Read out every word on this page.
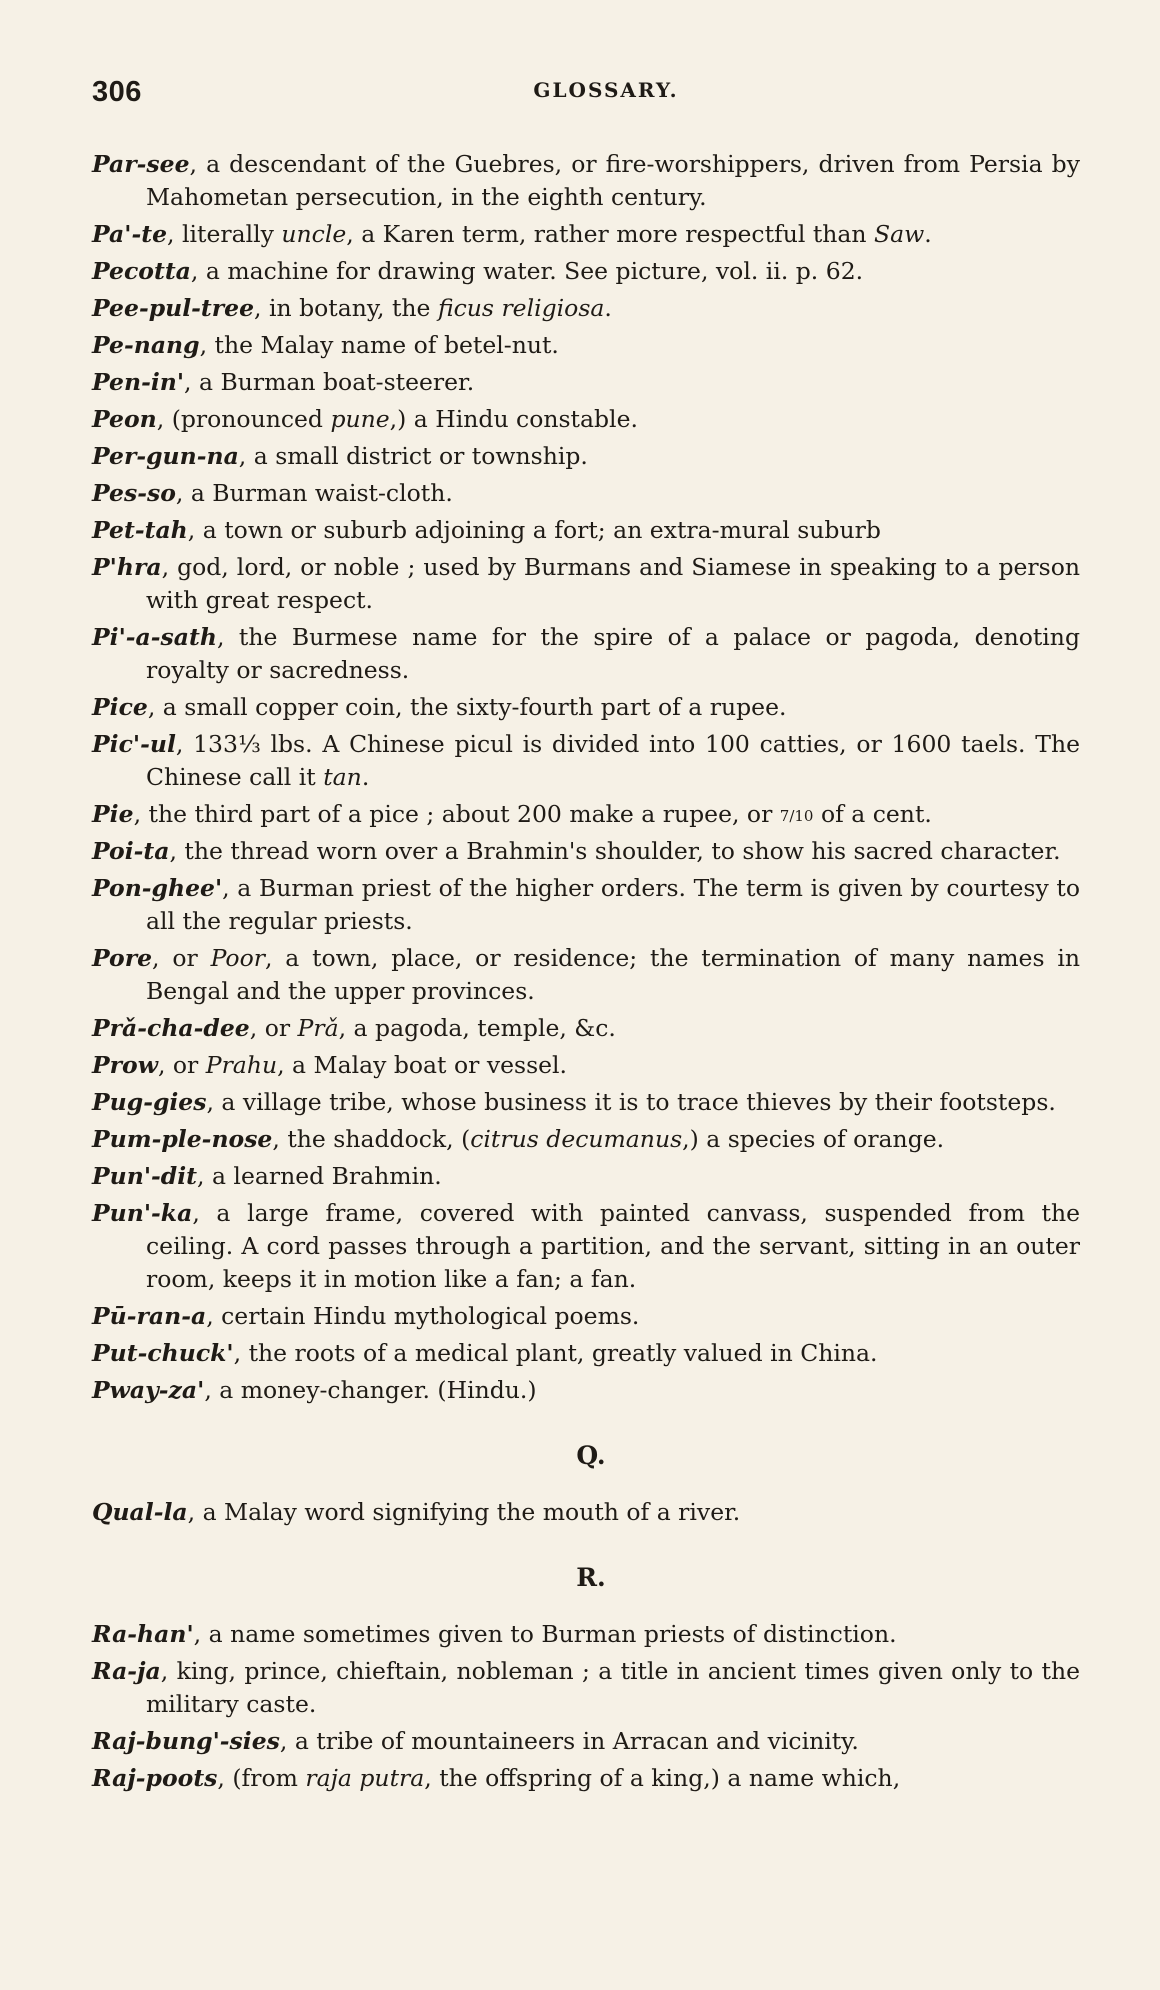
306	GLOSSARY.
Par-see, a descendant of the Guebres, or fire-worshippers, driven from Persia by Mahometan persecution, in the eighth century.
Pa'-te, literally uncle, a Karen term, rather more respectful than Saw.
Pecotta, a machine for drawing water. See picture, vol. ii. p. 62.
Pee-pul-tree, in botany, the ficus religiosa.
Pe-nang, the Malay name of betel-nut.
Pen-in', a Burman boat-steerer.
Peon, (pronounced pune,) a Hindu constable.
Per-gun-na, a small district or township.
Pes-so, a Burman waist-cloth.
Pet-tah, a town or suburb adjoining a fort; an extra-mural suburb
P'hra, god, lord, or noble ; used by Burmans and Siamese in speaking to a person with great respect.
Pi'-a-sath, the Burmese name for the spire of a palace or pagoda, denoting royalty or sacredness.
Pice, a small copper coin, the sixty-fourth part of a rupee.
Pic'-ul, 133⅓ lbs. A Chinese picul is divided into 100 catties, or 1600 taels. The Chinese call it tan.
Pie, the third part of a pice ; about 200 make a rupee, or 7/10 of a cent.
Poi-ta, the thread worn over a Brahmin's shoulder, to show his sacred character.
Pon-ghee', a Burman priest of the higher orders. The term is given by courtesy to all the regular priests.
Pore, or Poor, a town, place, or residence; the termination of many names in Bengal and the upper provinces.
Prǎ-cha-dee, or Prǎ, a pagoda, temple, &c.
Prow, or Prahu, a Malay boat or vessel.
Pug-gies, a village tribe, whose business it is to trace thieves by their footsteps.
Pum-ple-nose, the shaddock, (citrus decumanus,) a species of orange.
Pun'-dit, a learned Brahmin.
Pun'-ka, a large frame, covered with painted canvass, suspended from the ceiling. A cord passes through a partition, and the servant, sitting in an outer room, keeps it in motion like a fan; a fan.
Pū-ran-a, certain Hindu mythological poems.
Put-chuck', the roots of a medical plant, greatly valued in China.
Pway-za', a money-changer. (Hindu.)
Q.
Qual-la, a Malay word signifying the mouth of a river.
R.
Ra-han', a name sometimes given to Burman priests of distinction.
Ra-ja, king, prince, chieftain, nobleman ; a title in ancient times given only to the military caste.
Raj-bung'-sies, a tribe of mountaineers in Arracan and vicinity.
Raj-poots, (from raja putra, the offspring of a king,) a name which,
